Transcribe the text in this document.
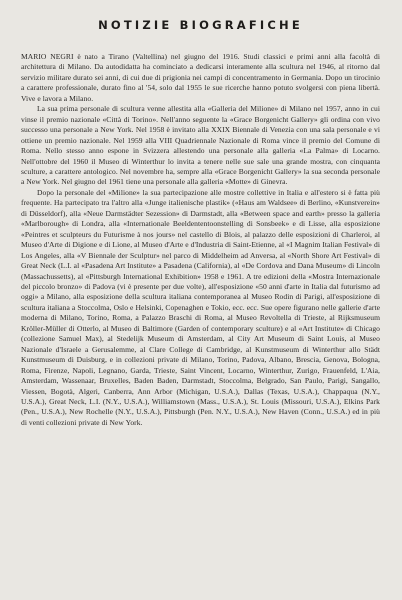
NOTIZIE BIOGRAFICHE

MARIO NEGRI è nato a Tirano (Valtellina) nel giugno del 1916. Studi classici e primi anni alla facoltà di architettura di Milano. Da autodidatta ha cominciato a dedicarsi interamente alla scultura nel 1946, al ritorno dal servizio militare durato sei anni, di cui due di prigionia nei campi di concentramento in Germania. Dopo un tirocinio a carattere professionale, durato fino al '54, solo dal 1955 le sue ricerche hanno potuto svolgersi con piena libertà. Vive e lavora a Milano.

La sua prima personale di scultura venne allestita alla «Galleria del Milione» di Milano nel 1957, anno in cui vinse il premio nazionale «Città di Torino». Nell'anno seguente la «Grace Borgenicht Gallery» gli ordina con vivo successo una personale a New York. Nel 1958 è invitato alla XXIX Biennale di Venezia con una sala personale e vi ottiene un premio nazionale. Nel 1959 alla VIII Quadriennale Nazionale di Roma vince il premio del Comune di Roma. Nello stesso anno espone in Svizzera allestendo una personale alla galleria «La Palma» di Locarno. Nell'ottobre del 1960 il Museo di Winterthur lo invita a tenere nelle sue sale una grande mostra, con cinquanta sculture, a carattere antologico. Nel novembre ha, sempre alla «Grace Borgenicht Gallery» la sua seconda personale a New York. Nel giugno del 1961 tiene una personale alla galleria «Motte» di Ginevra.

Dopo la personale del «Milione» la sua partecipazione alle mostre collettive in Italia e all'estero si è fatta più frequente. Ha partecipato tra l'altro alla «Junge italienische plastik» («Haus am Waldsee» di Berlino, «Kunstverein» di Düsseldorf), alla «Neue Darmstädter Sezession» di Darmstadt, alla «Between space and earth» presso la galleria «Marlborough» di Londra, alla «Internationale Beeldententoonstelling di Sonsbeek» e di Lisse, alla esposizione «Peintres et sculpteurs du Futurisme à nos jours» nel castello di Blois, al palazzo delle esposizioni di Charleroi, al Museo d'Arte di Digione e di Lione, al Museo d'Arte e d'Industria di Saint-Etienne, al «I Magnim Italian Festival» di Los Angeles, alla «V Biennale der Sculptur» nel parco di Middelheim ad Anversa, al «North Shore Art Festival» di Great Neck (L.I. al «Pasadena Art Institute» a Pasadena (California), al «De Cordova and Dana Museum» di Lincoln (Massachussetts), al «Pittsburgh International Exhibition» 1958 e 1961. A tre edizioni della «Mostra Internazionale del piccolo bronzo» di Padova (vi è presente per due volte), all'esposizione «50 anni d'arte in Italia dal futurismo ad oggi» a Milano, alla esposizione della scultura italiana contemporanea al Museo Rodin di Parigi, all'esposizione di scultura italiana a Stoccolma, Oslo e Helsinki, Copenaghen e Tokio, ecc. ecc. Sue opere figurano nelle gallerie d'arte moderna di Milano, Torino, Roma, a Palazzo Braschi di Roma, al Museo Revoltella di Trieste, al Rijksmuseum Kröller-Müller di Otterlo, al Museo di Baltimore (Garden of contemporary sculture) e al «Art Institute» di Chicago (collezione Samuel Max), al Stedelijk Museum di Amsterdam, al City Art Museum di Saint Louis, al Museo Nazionale d'Israele a Gerusalemme, al Clare College di Cambridge, al Kunstmuseum di Winterthur allo Städt Kunstmuseum di Duisburg, e in collezioni private di Milano, Torino, Padova, Albano, Brescia, Genova, Bologna, Roma, Firenze, Napoli, Legnano, Garda, Trieste, Saint Vincent, Locarno, Winterthur, Zurigo, Frauenfeld, L'Aia, Amsterdam, Wassenaar, Bruxelles, Baden Baden, Darmstadt, Stoccolma, Belgrado, San Paulo, Parigi, Sangallo, Viessen, Bogotà, Algeri, Canberra, Ann Arbor (Michigan, U.S.A.), Dallas (Texas, U.S.A.), Chappaqua (N.Y., U.S.A.), Great Neck, L.I. (N.Y., U.S.A.), Williamstown (Mass., U.S.A.), St. Louis (Missouri, U.S.A.), Elkins Park (Pen., U.S.A.), New Rochelle (N.Y., U.S.A.), Pittsburgh (Pen. N.Y., U.S.A.), New Haven (Conn., U.S.A.) ed in più di venti collezioni private di New York.
